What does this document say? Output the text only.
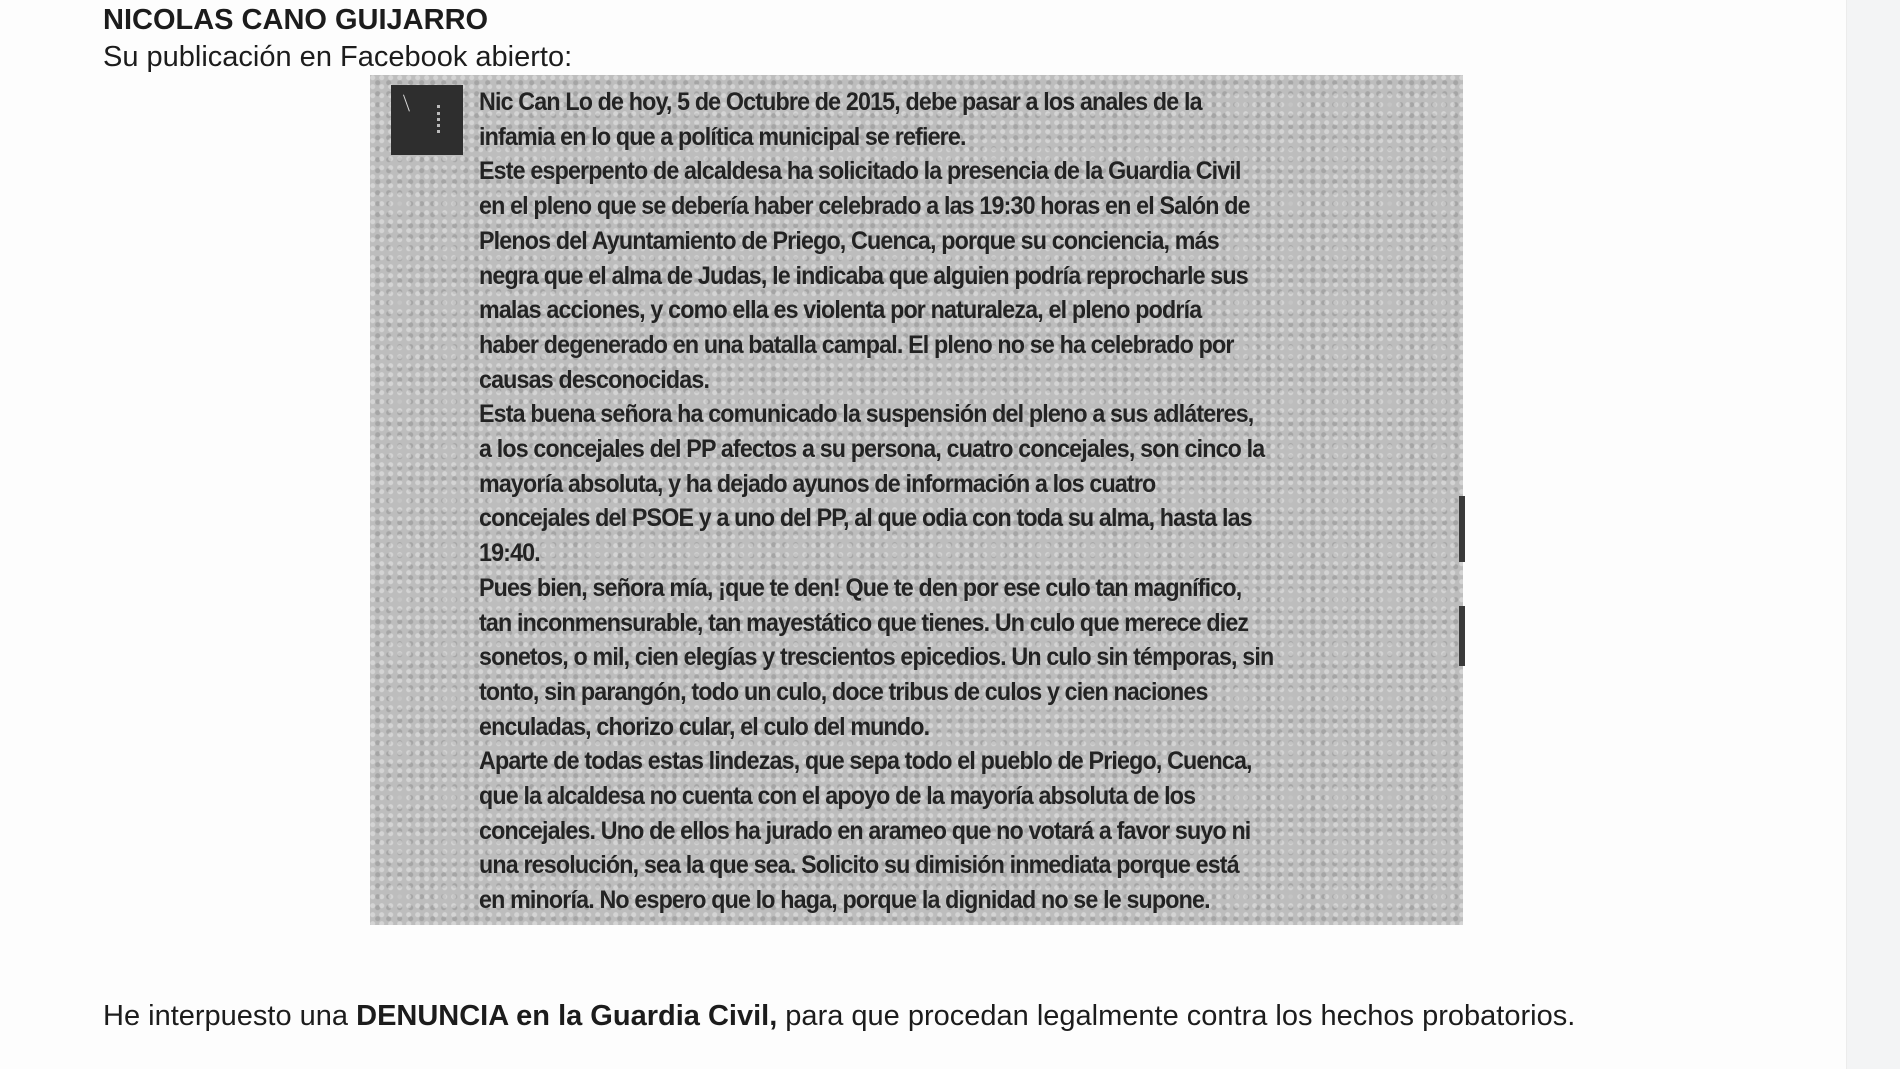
NICOLAS CANO GUIJARRO
Su publicación en Facebook abierto:
⟋ Nic Can Lo de hoy, 5 de Octubre de 2015, debe pasar a los anales de la
infamia en lo que a política municipal se refiere.
Este esperpento de alcaldesa ha solicitado la presencia de la Guardia Civil
en el pleno que se debería haber celebrado a las 19:30 horas en el Salón de
Plenos del Ayuntamiento de Priego, Cuenca, porque su conciencia, más
negra que el alma de Judas, le indicaba que alguien podría reprocharle sus
malas acciones, y como ella es violenta por naturaleza, el pleno podría
haber degenerado en una batalla campal. El pleno no se ha celebrado por
causas desconocidas.
Esta buena señora ha comunicado la suspensión del pleno a sus adláteres,
a los concejales del PP afectos a su persona, cuatro concejales, son cinco la
mayoría absoluta, y ha dejado ayunos de información a los cuatro
concejales del PSOE y a uno del PP, al que odia con toda su alma, hasta las
19:40.
Pues bien, señora mía, ¡que te den! Que te den por ese culo tan magnífico,
tan inconmensurable, tan mayestático que tienes. Un culo que merece diez
sonetos, o mil, cien elegías y trescientos epicedios. Un culo sin témporas, sin
tonto, sin parangón, todo un culo, doce tribus de culos y cien naciones
enculadas, chorizo cular, el culo del mundo.
Aparte de todas estas lindezas, que sepa todo el pueblo de Priego, Cuenca,
que la alcaldesa no cuenta con el apoyo de la mayoría absoluta de los
concejales. Uno de ellos ha jurado en arameo que no votará a favor suyo ni
una resolución, sea la que sea. Solicito su dimisión inmediata porque está
en minoría. No espero que lo haga, porque la dignidad no se le supone.
He interpuesto una DENUNCIA en la Guardia Civil, para que procedan legalmente contra los hechos probatorios.
